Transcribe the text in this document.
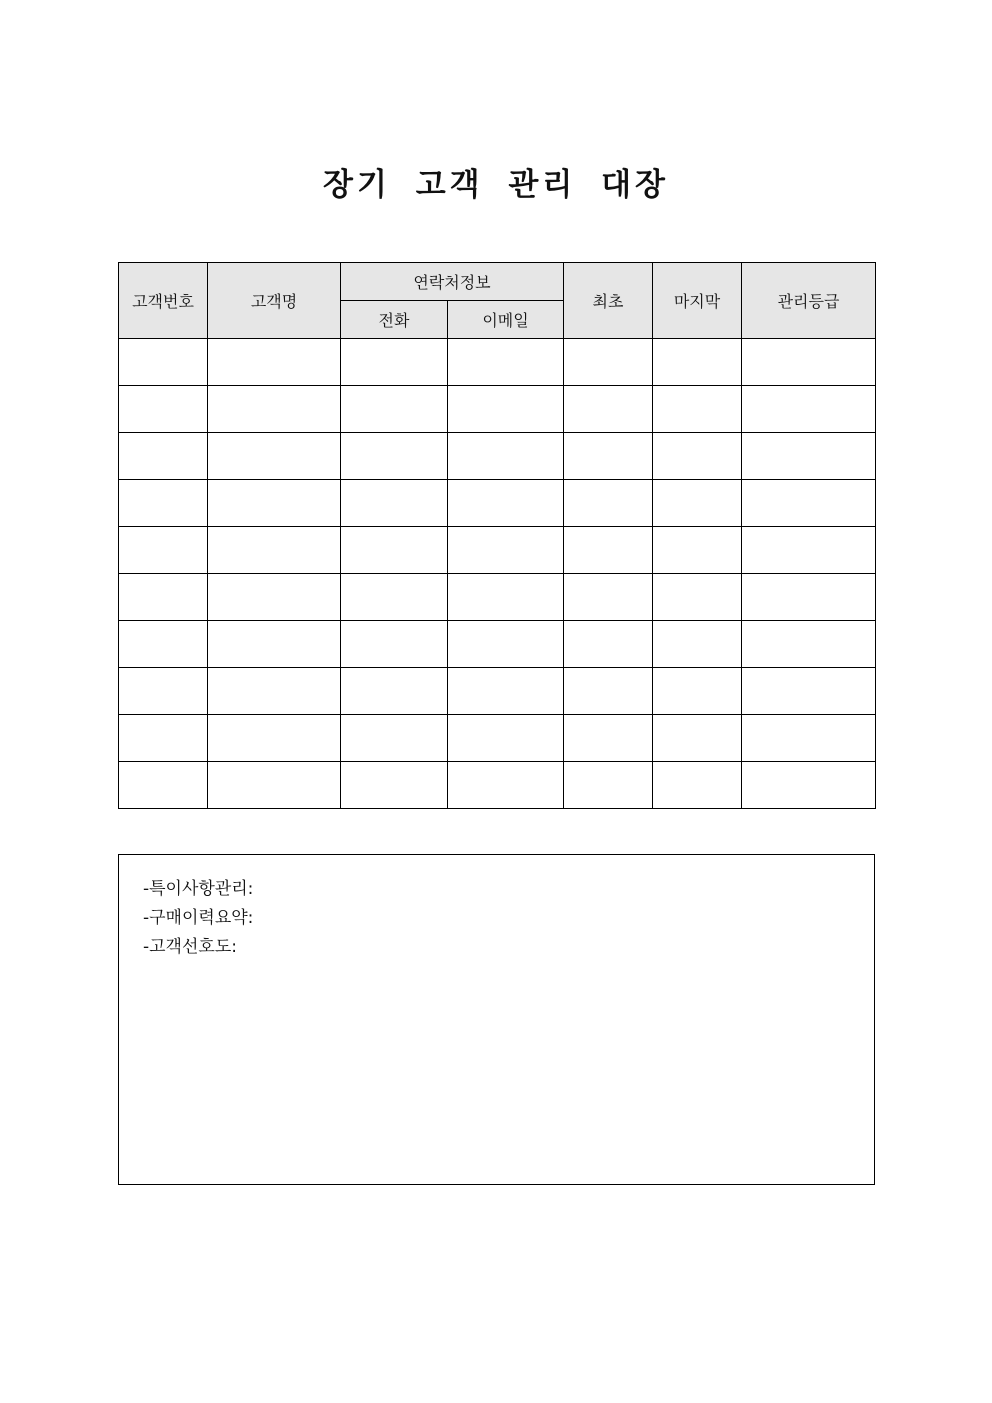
장기 고객 관리 대장
고객번호	고객명	연락처정보		최초	마지막	관리등급
		전화	이메일			

-특이사항관리:
-구매이력요약:
-고객선호도:
